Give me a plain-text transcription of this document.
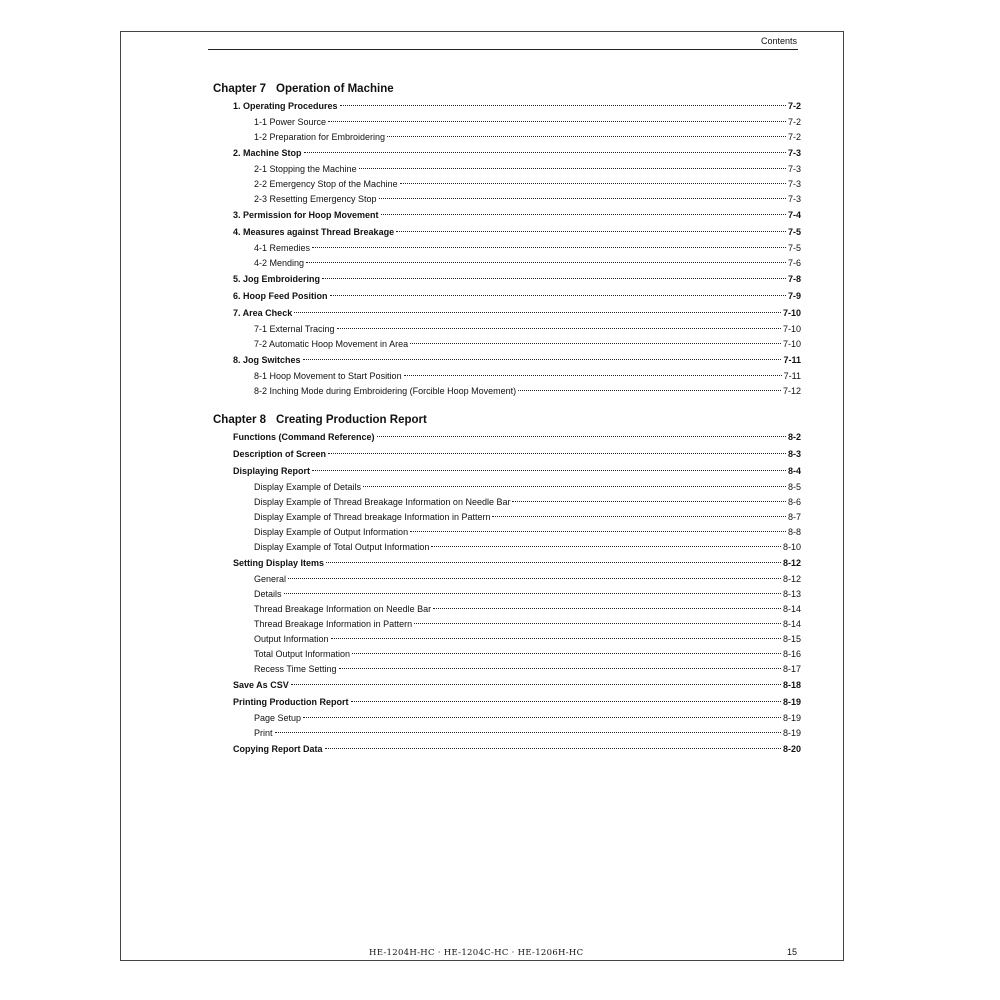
Contents
Chapter 7 Operation of Machine
1. Operating Procedures	7-2
1-1 Power Source	7-2
1-2 Preparation for Embroidering	7-2
2. Machine Stop	7-3
2-1 Stopping the Machine	7-3
2-2 Emergency Stop of the Machine	7-3
2-3 Resetting Emergency Stop	7-3
3. Permission for Hoop Movement	7-4
4. Measures against Thread Breakage	7-5
4-1 Remedies	7-5
4-2 Mending	7-6
5. Jog Embroidering	7-8
6. Hoop Feed Position	7-9
7. Area Check	7-10
7-1 External Tracing	7-10
7-2 Automatic Hoop Movement in Area	7-10
8. Jog Switches	7-11
8-1 Hoop Movement to Start Position	7-11
8-2 Inching Mode during Embroidering (Forcible Hoop Movement)	7-12
Chapter 8 Creating Production Report
Functions (Command Reference)	8-2
Description of Screen	8-3
Displaying Report	8-4
Display Example of Details	8-5
Display Example of Thread Breakage Information on Needle Bar	8-6
Display Example of Thread breakage Information in Pattern	8-7
Display Example of Output Information	8-8
Display Example of Total Output Information	8-10
Setting Display Items	8-12
General	8-12
Details	8-13
Thread Breakage Information on Needle Bar	8-14
Thread Breakage Information in Pattern	8-14
Output Information	8-15
Total Output Information	8-16
Recess Time Setting	8-17
Save As CSV	8-18
Printing Production Report	8-19
Page Setup	8-19
Print	8-19
Copying Report Data	8-20
HE-1204H-HC · HE-1204C-HC · HE-1206H-HC	15
